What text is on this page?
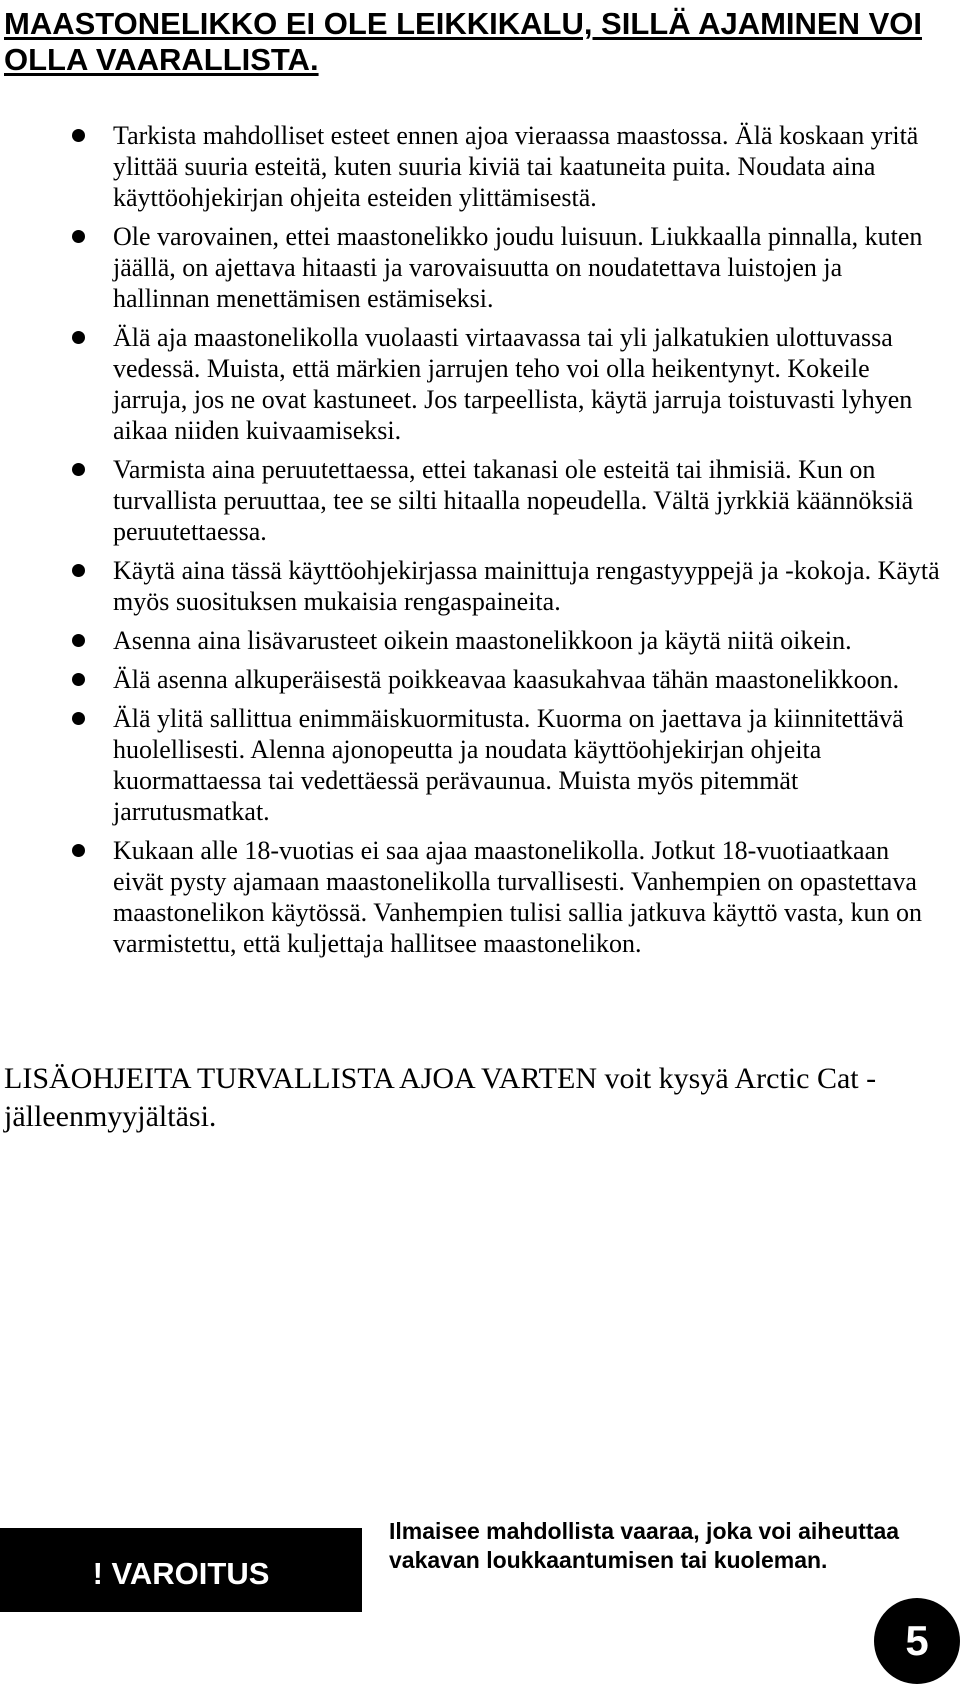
MAASTONELIKKO EI OLE LEIKKIKALU, SILLÄ AJAMINEN VOI OLLA VAARALLISTA.
Tarkista mahdolliset esteet ennen ajoa vieraassa maastossa. Älä koskaan yritä ylittää suuria esteitä, kuten suuria kiviä tai kaatuneita puita. Noudata aina käyttöohjekirjan ohjeita esteiden ylittämisestä.
Ole varovainen, ettei maastonelikko joudu luisuun. Liukkaalla pinnalla, kuten jäällä, on ajettava hitaasti ja varovaisuutta on noudatettava luistojen ja hallinnan menettämisen estämiseksi.
Älä aja maastonelikolla vuolaasti virtaavassa tai yli jalkatukien ulottuvassa vedessä. Muista, että märkien jarrujen teho voi olla heikentynyt. Kokeile jarruja, jos ne ovat kastuneet. Jos tarpeellista, käytä jarruja toistuvasti lyhyen aikaa niiden kuivaamiseksi.
Varmista aina peruutettaessa, ettei takanasi ole esteitä tai ihmisiä. Kun on turvallista peruuttaa, tee se silti hitaalla nopeudella. Vältä jyrkkiä käännöksiä peruutettaessa.
Käytä aina tässä käyttöohjekirjassa mainittuja rengastyyppejä ja -kokoja. Käytä myös suosituksen mukaisia rengaspaineita.
Asenna aina lisävarusteet oikein maastonelikkoon ja käytä niitä oikein.
Älä asenna alkuperäisestä poikkeavaa kaasukahvaa tähän maastonelikkoon.
Älä ylitä sallittua enimmäiskuormitusta. Kuorma on jaettava ja kiinnitettävä huolellisesti. Alenna ajonopeutta ja noudata käyttöohjekirjan ohjeita kuormattaessa tai vedettäessä perävaunua. Muista myös pitemmät jarrutusmatkat.
Kukaan alle 18-vuotias ei saa ajaa maastonelikolla. Jotkut 18-vuotiaatkaan eivät pysty ajamaan maastonelikolla turvallisesti. Vanhempien on opastettava maastonelikon käytössä. Vanhempien tulisi sallia jatkuva käyttö vasta, kun on varmistettu, että kuljettaja hallitsee maastonelikon.

LISÄOHJEITA TURVALLISTA AJOA VARTEN voit kysyä Arctic Cat -jälleenmyyjältäsi.

! VAROITUS

Ilmaisee mahdollista vaaraa, joka voi aiheuttaa vakavan loukkaantumisen tai kuoleman.

5
